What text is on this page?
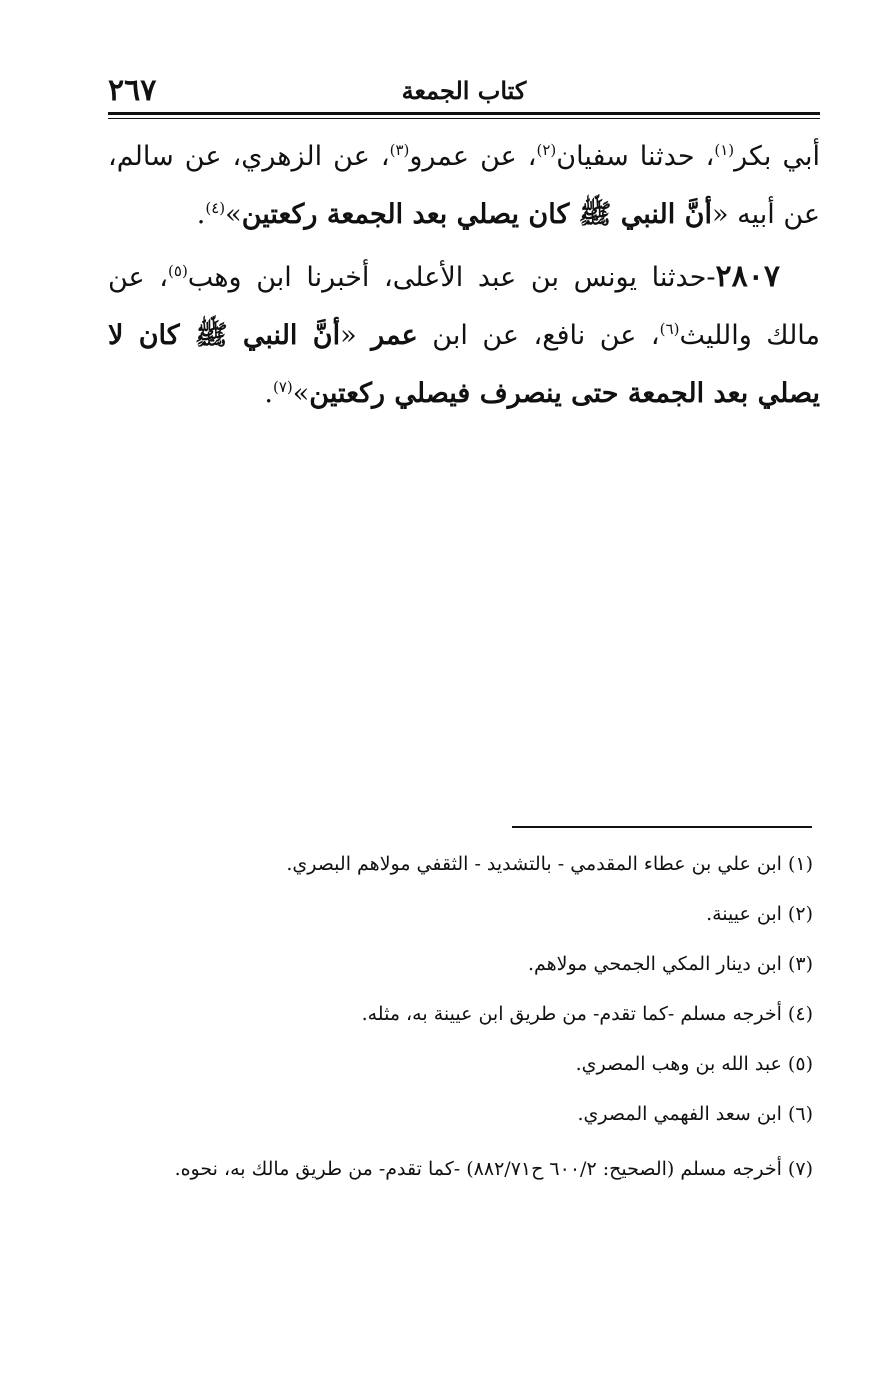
٢٦٧	كتاب الجمعة

أبي بكر$^{(١)}$، حدثنا سفيان$^{(٢)}$، عن عمرو$^{(٣)}$، عن الزهري، عن سالم، عن أبيه «أنَّ النبي ﷺ كان يصلي بعد الجمعة ركعتين»$^{(٤)}$.

٢٨٠٧-حدثنا يونس بن عبد الأعلى، أخبرنا ابن وهب$^{(٥)}$، عن مالك والليث$^{(٦)}$، عن نافع، عن ابن عمر «أنَّ النبي ﷺ كان لا يصلي بعد الجمعة حتى ينصرف فيصلي ركعتين»$^{(٧)}$.

(١) ابن علي بن عطاء المقدمي - بالتشديد - الثقفي مولاهم البصري.

(٢) ابن عيينة.

(٣) ابن دينار المكي الجمحي مولاهم.

(٤) أخرجه مسلم -كما تقدم- من طريق ابن عيينة به، مثله.

(٥) عبد الله بن وهب المصري.

(٦) ابن سعد الفهمي المصري.

(٧) أخرجه مسلم (الصحيح: ٦٠٠/٢ ح٨٨٢/٧١) -كما تقدم- من طريق مالك به، نحوه.
